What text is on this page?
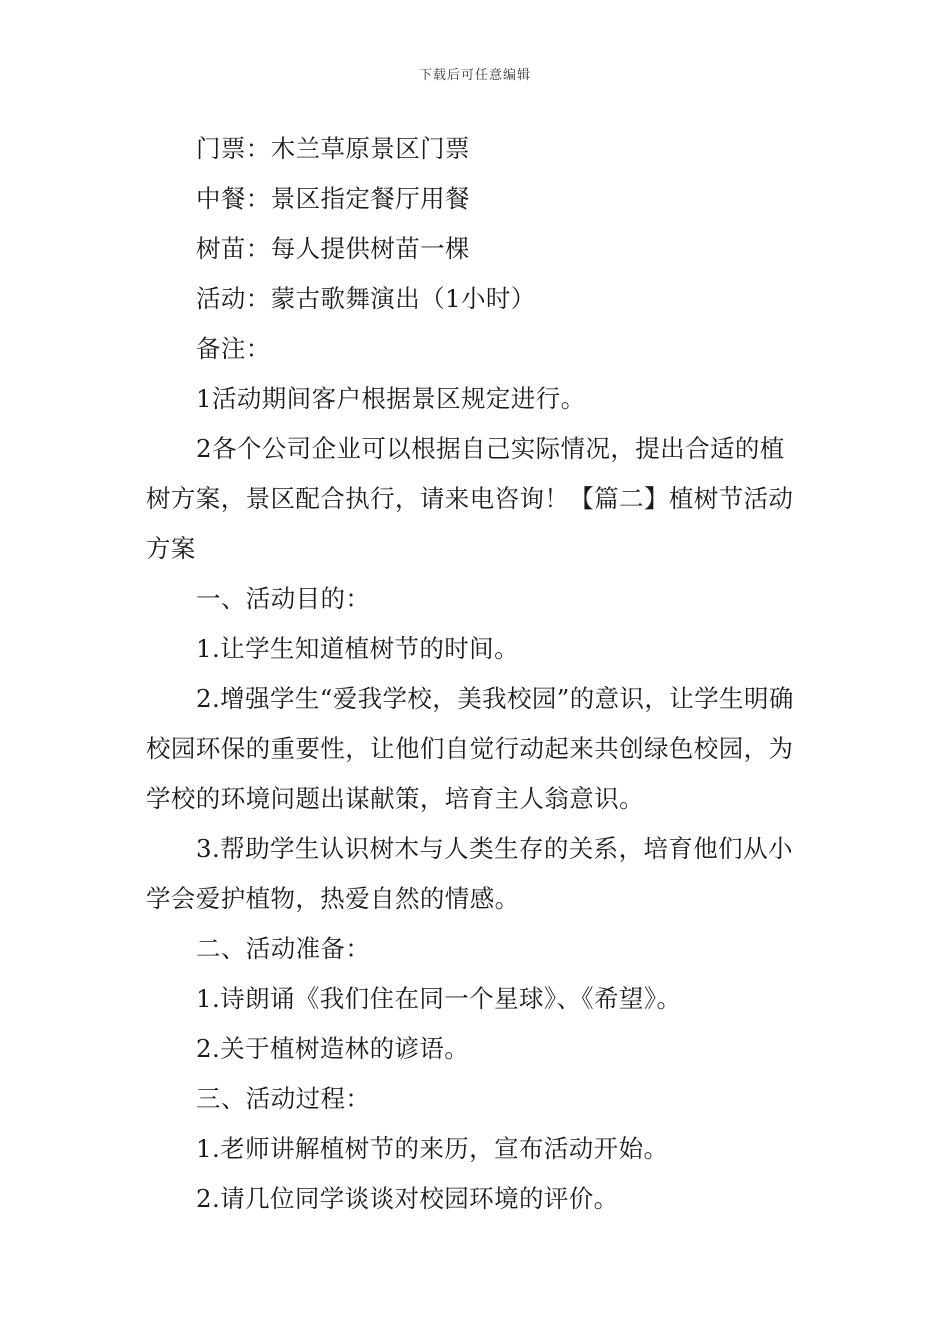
下载后可任意编辑

门票：木兰草原景区门票

中餐：景区指定餐厅用餐

树苗：每人提供树苗一棵

活动：蒙古歌舞演出（1小时）

备注：

1活动期间客户根据景区规定进行。

2各个公司企业可以根据自己实际情况，提出合适的植树方案，景区配合执行，请来电咨询！【篇二】植树节活动方案

一、活动目的：

1.让学生知道植树节的时间。

2.增强学生“爱我学校，美我校园”的意识，让学生明确校园环保的重要性，让他们自觉行动起来共创绿色校园，为学校的环境问题出谋献策，培育主人翁意识。

3.帮助学生认识树木与人类生存的关系，培育他们从小学会爱护植物，热爱自然的情感。

二、活动准备：

1.诗朗诵《我们住在同一个星球》、《希望》。

2.关于植树造林的谚语。

三、活动过程：

1.老师讲解植树节的来历，宣布活动开始。

2.请几位同学谈谈对校园环境的评价。
